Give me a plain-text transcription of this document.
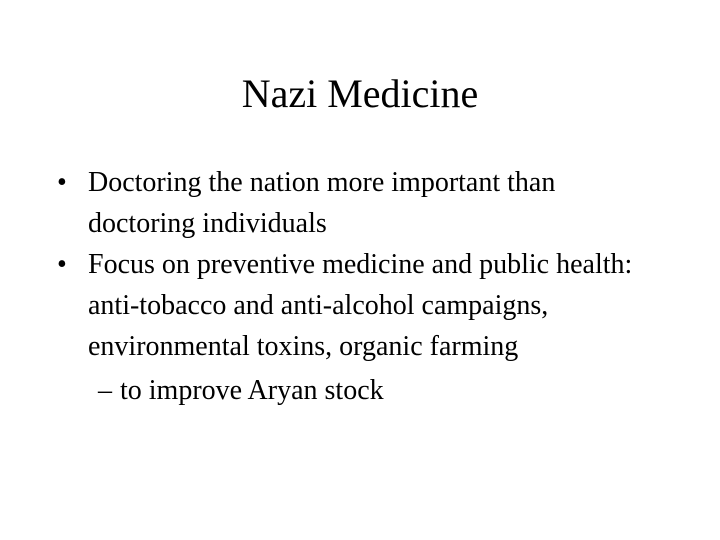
Nazi Medicine
• Doctoring the nation more important than doctoring individuals
• Focus on preventive medicine and public health: anti-tobacco and anti-alcohol campaigns, environmental toxins, organic farming
– to improve Aryan stock
